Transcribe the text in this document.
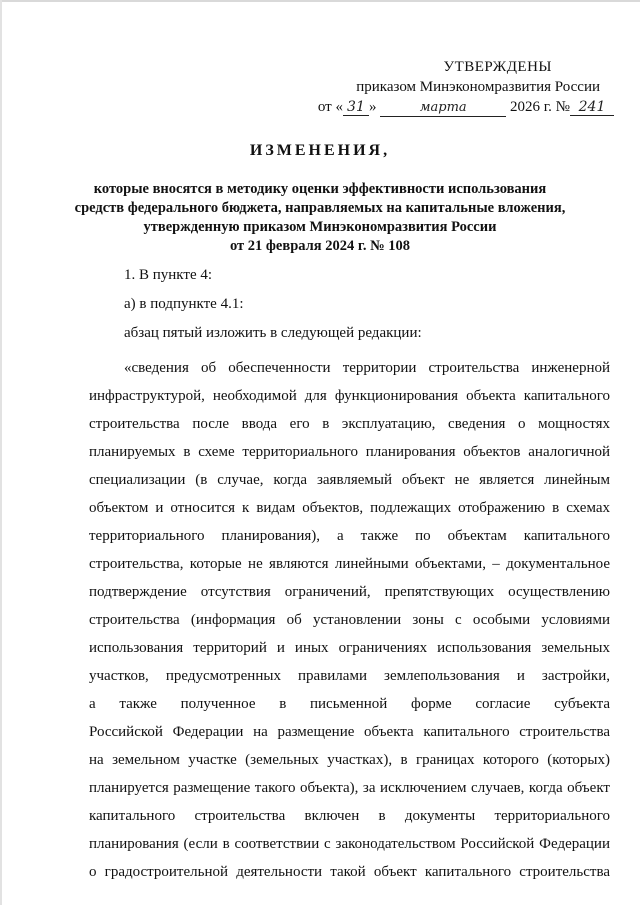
УТВЕРЖДЕНЫ
приказом Минэкономразвития России
от « 31 »	марта	2026 г. № 241
ИЗМЕНЕНИЯ,
которые вносятся в методику оценки эффективности использования
средств федерального бюджета, направляемых на капитальные вложения,
утвержденную приказом Минэкономразвития России
от 21 февраля 2024 г. № 108
1. В пункте 4:
а) в подпункте 4.1:
абзац пятый изложить в следующей редакции:
«сведения об обеспеченности территории строительства инженерной
инфраструктурой, необходимой для функционирования объекта капитального
строительства после ввода его в эксплуатацию, сведения о мощностях
планируемых в схеме территориального планирования объектов аналогичной
специализации (в случае, когда заявляемый объект не является линейным
объектом и относится к видам объектов, подлежащих отображению в схемах
территориального планирования), а также по объектам капитального
строительства, которые не являются линейными объектами, – документальное
подтверждение отсутствия ограничений, препятствующих осуществлению
строительства (информация об установлении зоны с особыми условиями
использования территорий и иных ограничениях использования земельных
участков, предусмотренных правилами землепользования и застройки,
а также полученное в письменной форме согласие субъекта
Российской Федерации на размещение объекта капитального строительства
на земельном участке (земельных участках), в границах которого (которых)
планируется размещение такого объекта), за исключением случаев, когда объект
капитального строительства включен в документы территориального
планирования (если в соответствии с законодательством Российской Федерации
о градостроительной деятельности такой объект капитального строительства
